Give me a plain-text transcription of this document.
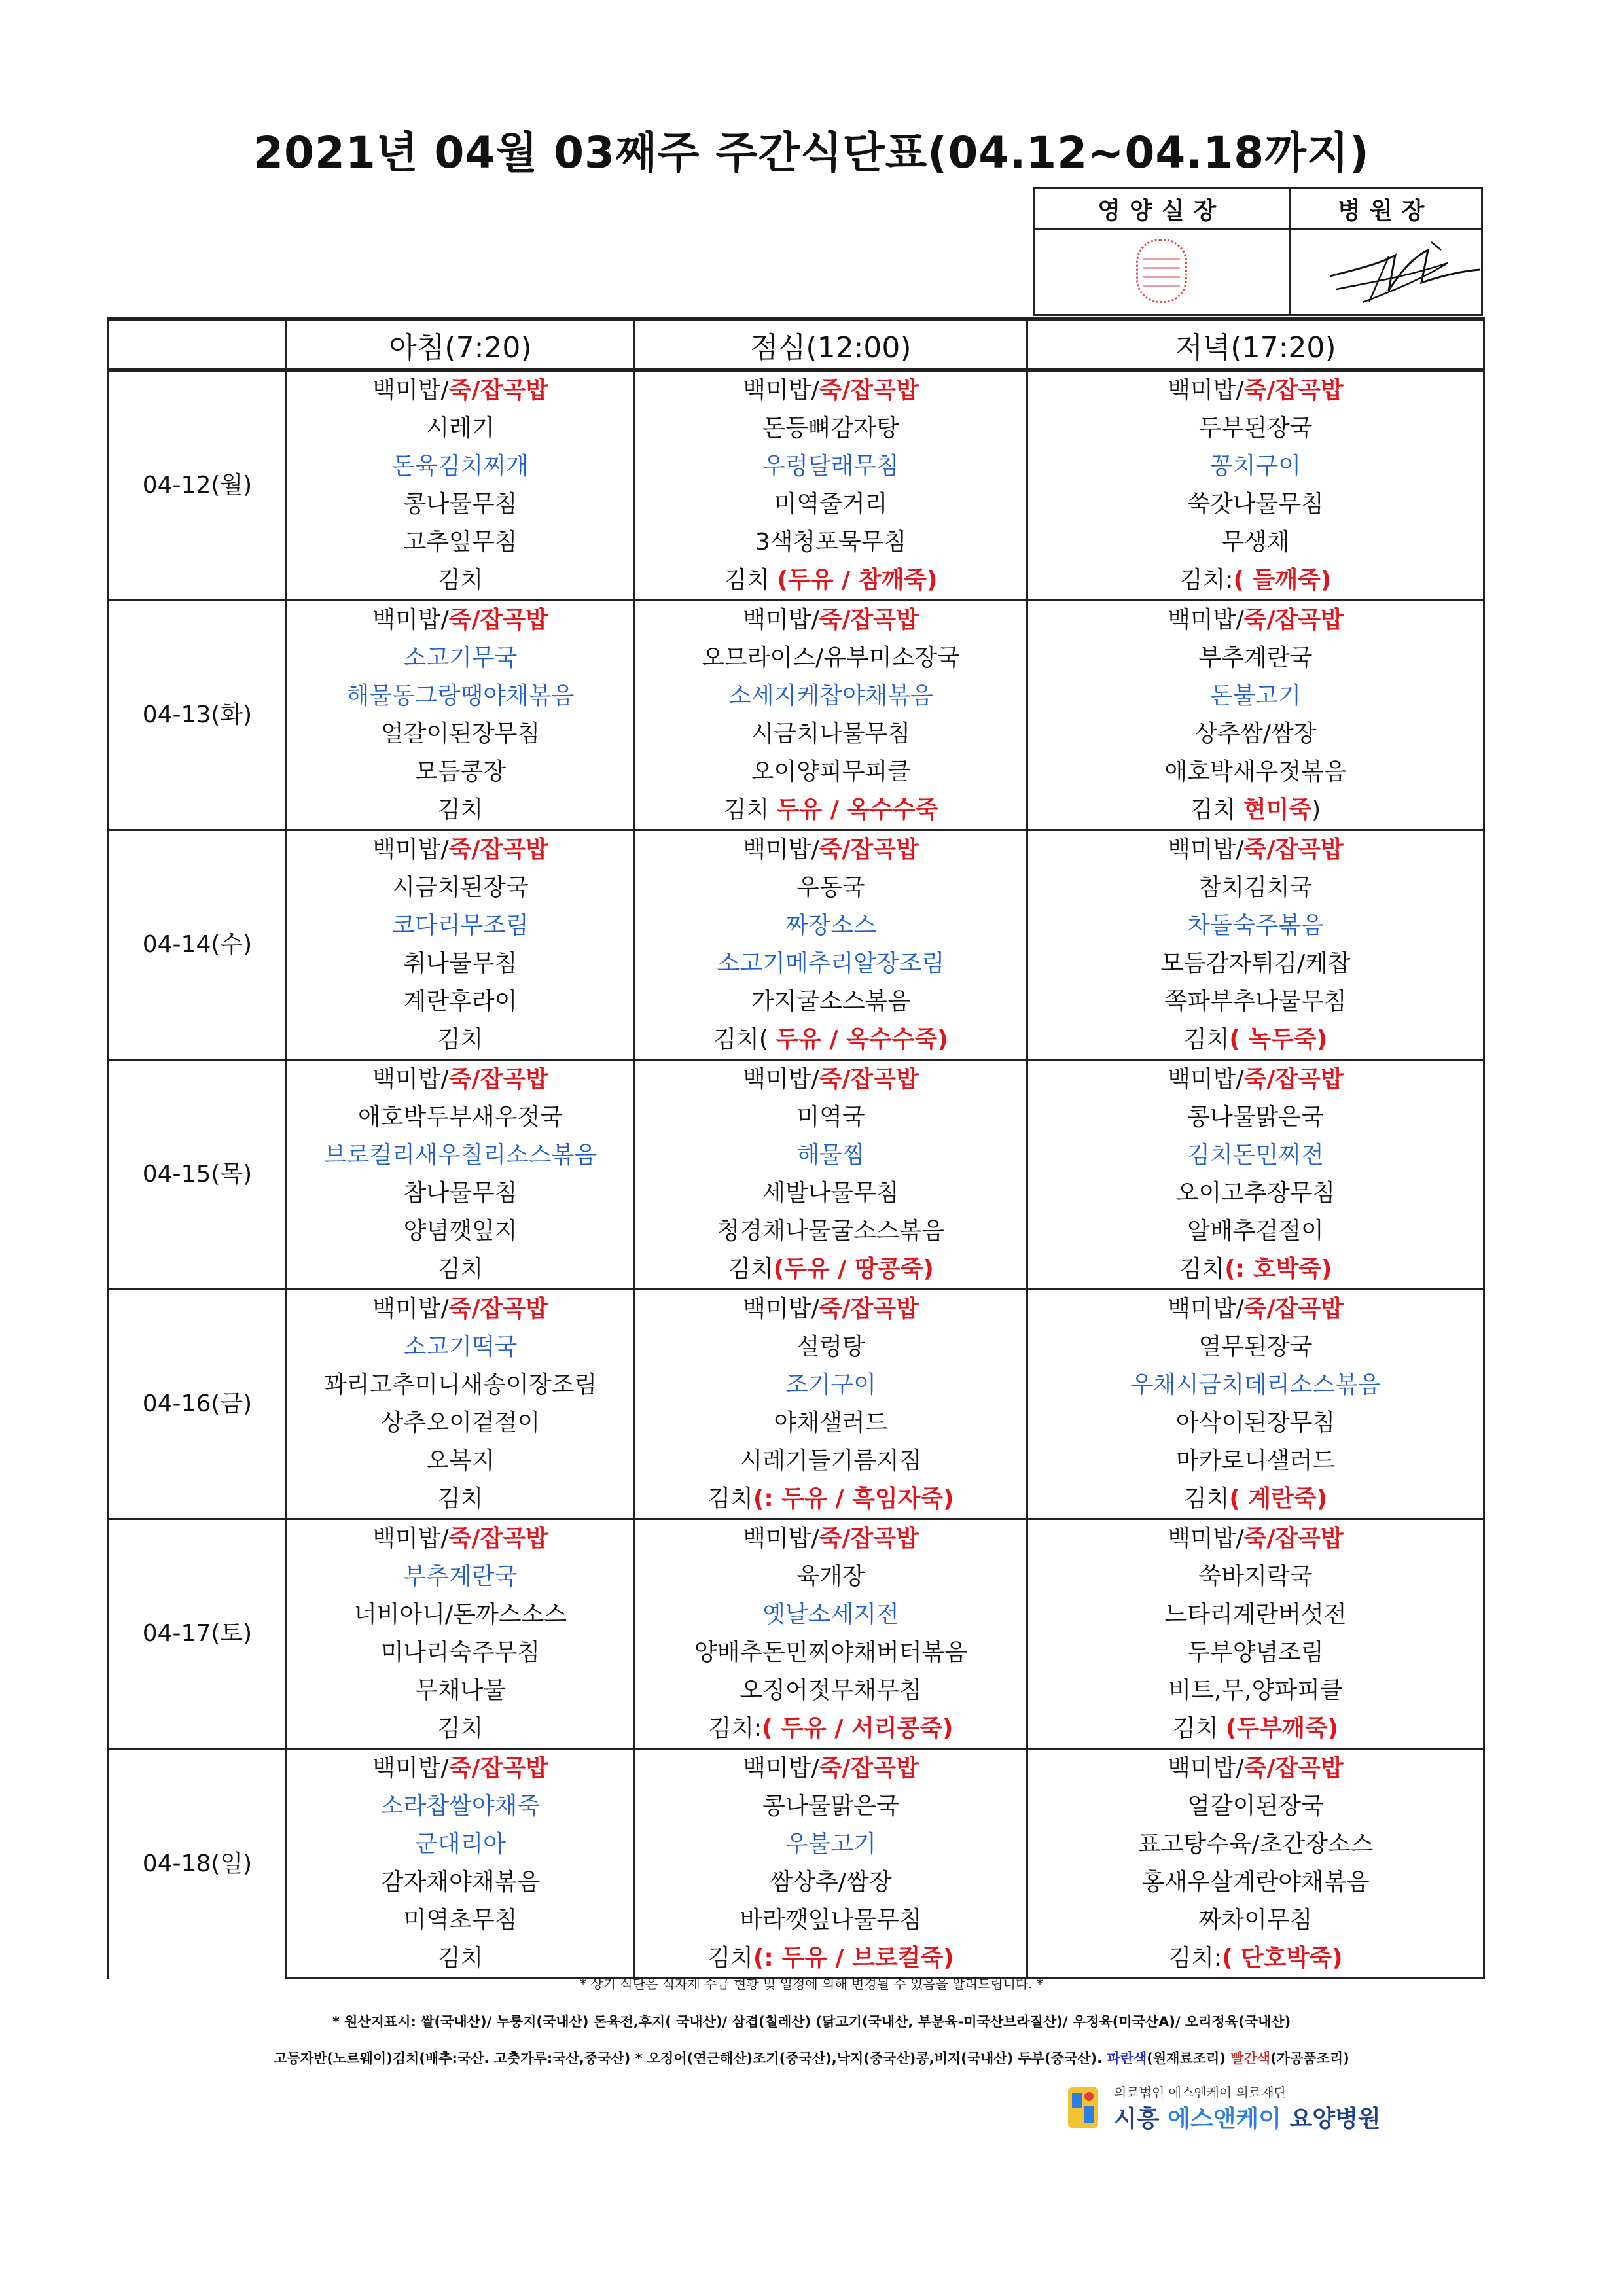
2021년 04월 03째주 주간식단표(04.12~04.18까지)
영양실장	병원장

	아침(7:20)	점심(12:00)	저녁(17:20)
04-12(월)	백미밥/죽/잡곡밥	백미밥/죽/잡곡밥	백미밥/죽/잡곡밥
	시레기	돈등뼈감자탕	두부된장국
	돈육김치찌개	우렁달래무침	꽁치구이
	콩나물무침	미역줄거리	쑥갓나물무침
	고추잎무침	3색청포묵무침	무생채
	김치	김치 (두유 / 참깨죽)	김치:( 들깨죽)
04-13(화)	백미밥/죽/잡곡밥	백미밥/죽/잡곡밥	백미밥/죽/잡곡밥
	소고기무국	오므라이스/유부미소장국	부추계란국
	해물동그랑땡야채볶음	소세지케찹야채볶음	돈불고기
	얼갈이된장무침	시금치나물무침	상추쌈/쌈장
	모듬콩장	오이양피무피클	애호박새우젓볶음
	김치	김치 두유 / 옥수수죽	김치 현미죽)
04-14(수)	백미밥/죽/잡곡밥	백미밥/죽/잡곡밥	백미밥/죽/잡곡밥
	시금치된장국	우동국	참치김치국
	코다리무조림	짜장소스	차돌숙주볶음
	취나물무침	소고기메추리알장조림	모듬감자튀김/케찹
	계란후라이	가지굴소스볶음	쪽파부추나물무침
	김치	김치( 두유 / 옥수수죽)	김치( 녹두죽)
04-15(목)	백미밥/죽/잡곡밥	백미밥/죽/잡곡밥	백미밥/죽/잡곡밥
	애호박두부새우젓국	미역국	콩나물맑은국
	브로컬리새우칠리소스볶음	해물찜	김치돈민찌전
	참나물무침	세발나물무침	오이고추장무침
	양념깻잎지	청경채나물굴소스볶음	알배추겉절이
	김치	김치(두유 / 땅콩죽)	김치(: 호박죽)
04-16(금)	백미밥/죽/잡곡밥	백미밥/죽/잡곡밥	백미밥/죽/잡곡밥
	소고기떡국	설렁탕	열무된장국
	꽈리고추미니새송이장조림	조기구이	우채시금치데리소스볶음
	상추오이겉절이	야채샐러드	아삭이된장무침
	오복지	시레기들기름지짐	마카로니샐러드
	김치	김치(: 두유 / 흑임자죽)	김치( 계란죽)
04-17(토)	백미밥/죽/잡곡밥	백미밥/죽/잡곡밥	백미밥/죽/잡곡밥
	부추계란국	육개장	쑥바지락국
	너비아니/돈까스소스	옛날소세지전	느타리계란버섯전
	미나리숙주무침	양배추돈민찌야채버터볶음	두부양념조림
	무채나물	오징어젓무채무침	비트,무,양파피클
	김치	김치:( 두유 / 서리콩죽)	김치 (두부깨죽)
04-18(일)	백미밥/죽/잡곡밥	백미밥/죽/잡곡밥	백미밥/죽/잡곡밥
	소라찹쌀야채죽	콩나물맑은국	얼갈이된장국
	군대리아	우불고기	표고탕수육/초간장소스
	감자채야채볶음	쌈상추/쌈장	홍새우살계란야채볶음
	미역초무침	바라깻잎나물무침	짜차이무침
	김치	김치(: 두유 / 브로컬죽)	김치:( 단호박죽)
* 상기 식단은 식자재 수급 현황 및 일정에 의해 변경될 수 있음을 알려드립니다. *
* 원산지표시: 쌀(국내산)/ 누룽지(국내산) 돈육전,후지( 국내산)/ 삼겹(칠레산) (닭고기(국내산, 부분육-미국산브라질산)/ 우정육(미국산A)/ 오리정육(국내산)
고등자반(노르웨이)김치(배추:국산. 고춧가루:국산,중국산) * 오징어(연근해산)조기(중국산),낙지(중국산)콩,비지(국내산) 두부(중국산). 파란색(원재료조리) 빨간색(가공품조리)
의료법인 에스앤케이 의료재단
시흥 에스앤케이 요양병원
